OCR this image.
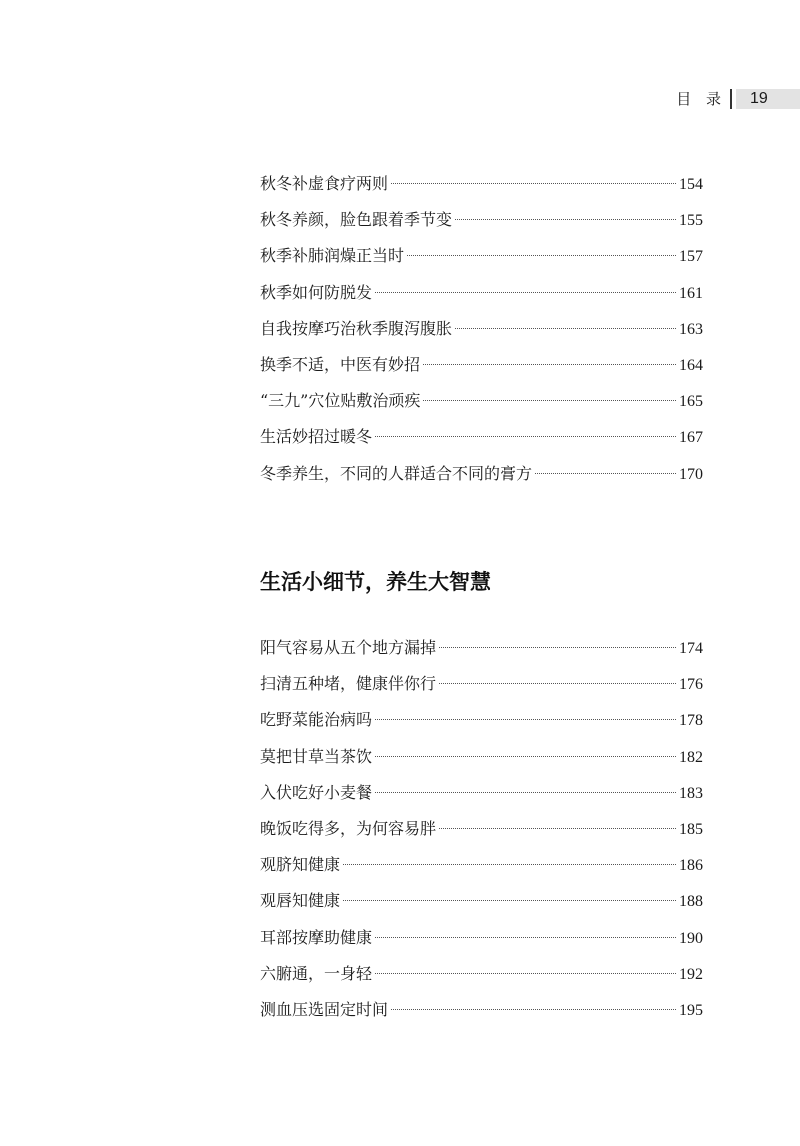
目 录 19
秋冬补虚食疗两则	154
秋冬养颜，脸色跟着季节变	155
秋季补肺润燥正当时	157
秋季如何防脱发	161
自我按摩巧治秋季腹泻腹胀	163
换季不适，中医有妙招	164
“三九”穴位贴敷治顽疾	165
生活妙招过暖冬	167
冬季养生，不同的人群适合不同的膏方	170
生活小细节，养生大智慧
阳气容易从五个地方漏掉	174
扫清五种堵，健康伴你行	176
吃野菜能治病吗	178
莫把甘草当茶饮	182
入伏吃好小麦餐	183
晚饭吃得多，为何容易胖	185
观脐知健康	186
观唇知健康	188
耳部按摩助健康	190
六腑通，一身轻	192
测血压选固定时间	195
